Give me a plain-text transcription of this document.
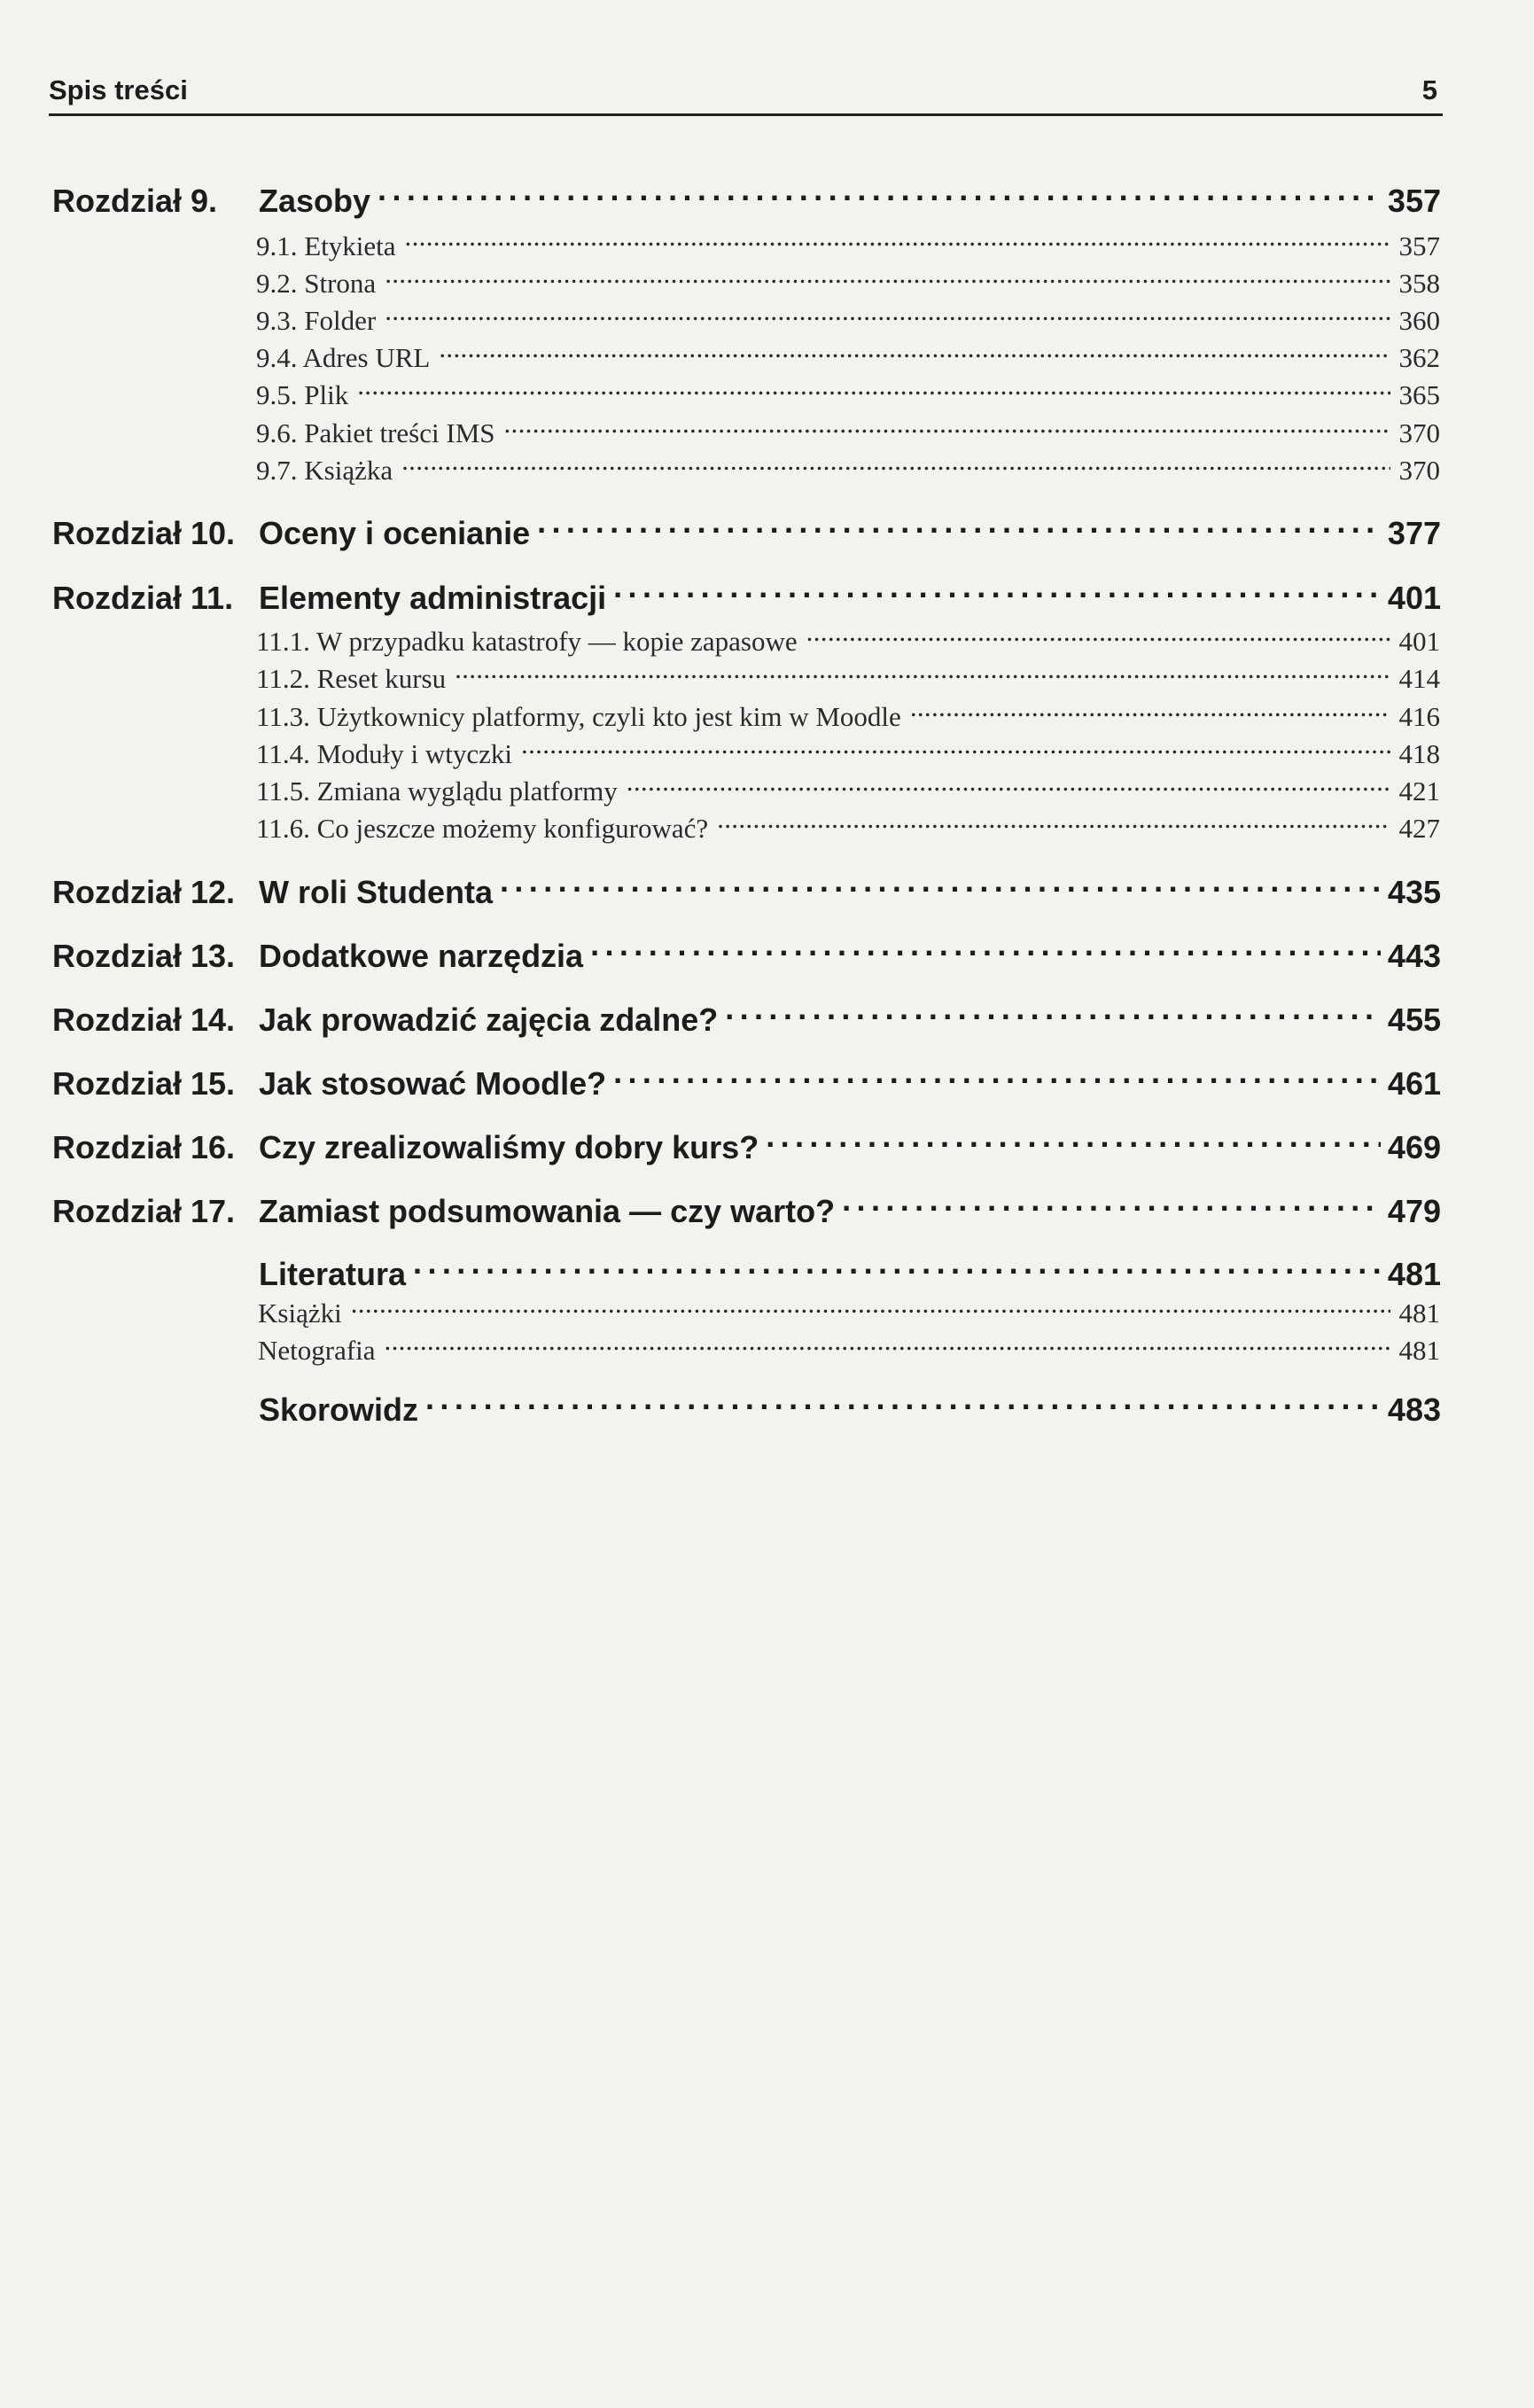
Spis treści	5
Rozdział 9.	Zasoby . . .	357
9.1. Etykieta . . .	357
9.2. Strona . . .	358
9.3. Folder . . .	360
9.4. Adres URL . . .	362
9.5. Plik . . .	365
9.6. Pakiet treści IMS . . .	370
9.7. Książka . . .	370
Rozdział 10. Oceny i ocenianie . . .	377
Rozdział 11. Elementy administracji . . .	401
11.1. W przypadku katastrofy — kopie zapasowe . . .	401
11.2. Reset kursu . . .	414
11.3. Użytkownicy platformy, czyli kto jest kim w Moodle . . .	416
11.4. Moduły i wtyczki . . .	418
11.5. Zmiana wyglądu platformy . . .	421
11.6. Co jeszcze możemy konfigurować? . . .	427
Rozdział 12. W roli Studenta . . .	435
Rozdział 13. Dodatkowe narzędzia . . .	443
Rozdział 14. Jak prowadzić zajęcia zdalne? . . .	455
Rozdział 15. Jak stosować Moodle? . . .	461
Rozdział 16. Czy zrealizowaliśmy dobry kurs? . . .	469
Rozdział 17. Zamiast podsumowania — czy warto? . . .	479
Literatura . . .	481
Książki . . .	481
Netografia . . .	481
Skorowidz . . .	483
